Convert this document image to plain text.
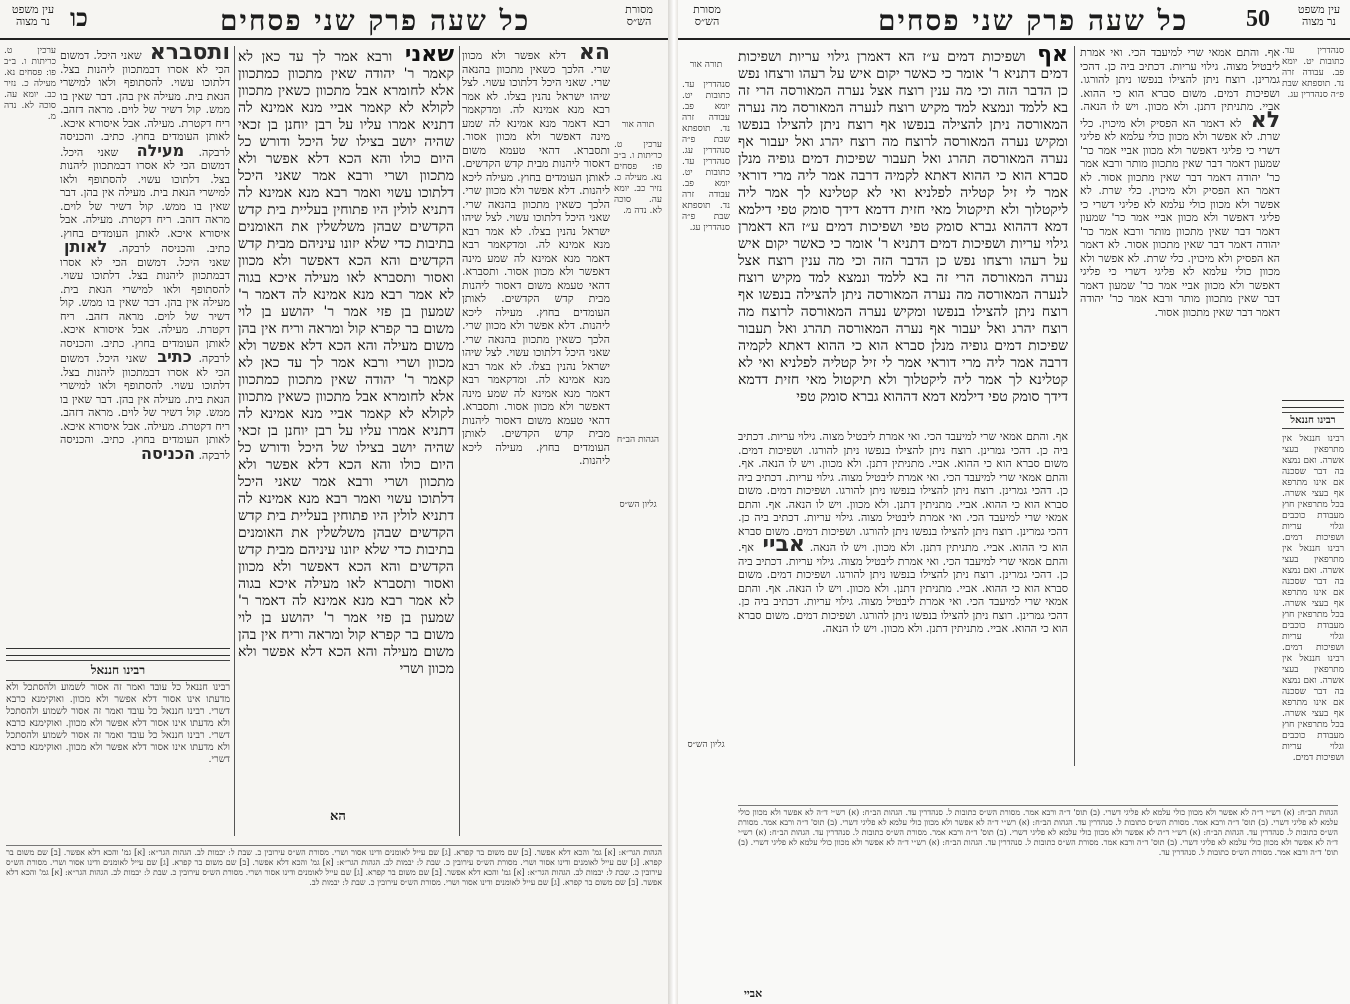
עין משפט
נר מצוה כו	כל שעה פרק שני פסחים	מסורת הש״ס
תורה אור
הגהות הב״ח
גליון הש״ס
ערכין ט. כריתות ו. ב״ב פו: פסחים נא. מעילה כ. נזיר כב. יומא עה. סוכה לא. נדה מ.
הא דלא אפשר ולא מכוון שרי. הלכך כשאין מתכוון בהנאה שרי. שאני היכל דלתוכו עשוי. לצל שיהו ישראל נהנין בצלו. לא אמר רבא מנא אמינא לה. ומדקאמר רבא דאמר מנא אמינא לה שמע מינה דאפשר ולא מכוון אסור. ותסברא. דהאי טעמא משום דאסור ליהנות מבית קדש הקדשים. לאותן העומדים בחוץ. מעילה ליכא ליהנות. דלא אפשר ולא מכוון שרי. הלכך כשאין מתכוון בהנאה שרי. שאני היכל דלתוכו עשוי. לצל שיהו ישראל נהנין בצלו. לא אמר רבא מנא אמינא לה. ומדקאמר רבא דאמר מנא אמינא לה שמע מינה דאפשר ולא מכוון אסור. ותסברא. דהאי טעמא משום דאסור ליהנות מבית קדש הקדשים. לאותן העומדים בחוץ. מעילה ליכא ליהנות. דלא אפשר ולא מכוון שרי. הלכך כשאין מתכוון בהנאה שרי. שאני היכל דלתוכו עשוי. לצל שיהו ישראל נהנין בצלו. לא אמר רבא מנא אמינא לה. ומדקאמר רבא דאמר מנא אמינא לה שמע מינה דאפשר ולא מכוון אסור. ותסברא. דהאי טעמא משום דאסור ליהנות מבית קדש הקדשים. לאותן העומדים בחוץ. מעילה ליכא ליהנות.
שאני ורבא אמר לך עד כאן לא קאמר ר' יהודה שאין מתכוון כמתכוון אלא לחומרא אבל מתכוון כשאין מתכוון לקולא לא קאמר אביי מנא אמינא לה דתניא אמרו עליו על רבן יוחנן בן זכאי שהיה יושב בצילו של היכל ודורש כל היום כולו והא הכא דלא אפשר ולא מתכוון ושרי ורבא אמר שאני היכל דלתוכו עשוי ואמר רבא מנא אמינא לה דתניא לולין היו פתוחין בעליית בית קדש הקדשים שבהן משלשלין את האומנים בתיבות כדי שלא יזונו עיניהם מבית קדש הקדשים והא הכא דאפשר ולא מכוון ואסור ותסברא לאו מעילה איכא בגוה לא אמר רבא מנא אמינא לה דאמר ר' שמעון בן פזי אמר ר' יהושע בן לוי משום בר קפרא קול ומראה וריח אין בהן משום מעילה והא הכא דלא אפשר ולא מכוון ושרי ורבא אמר לך עד כאן לא קאמר ר' יהודה שאין מתכוון כמתכוון אלא לחומרא אבל מתכוון כשאין מתכוון לקולא לא קאמר אביי מנא אמינא לה דתניא אמרו עליו על רבן יוחנן בן זכאי שהיה יושב בצילו של היכל ודורש כל היום כולו והא הכא דלא אפשר ולא מתכוון ושרי ורבא אמר שאני היכל דלתוכו עשוי ואמר רבא מנא אמינא לה דתניא לולין היו פתוחין בעליית בית קדש הקדשים שבהן משלשלין את האומנים בתיבות כדי שלא יזונו עיניהם מבית קדש הקדשים והא הכא דאפשר ולא מכוון ואסור ותסברא לאו מעילה איכא בגוה לא אמר רבא מנא אמינא לה דאמר ר' שמעון בן פזי אמר ר' יהושע בן לוי משום בר קפרא קול ומראה וריח אין בהן משום מעילה והא הכא דלא אפשר ולא מכוון ושרי
הא
ותסברא שאני היכל. דמשום הכי לא אסרו דבמתכוון ליהנות בצל. דלתוכו עשוי. להסתופף ולאו למישרי הנאת בית. מעילה אין בהן. דבר שאין בו ממש. קול דשיר של לוים. מראה דזהב. ריח דקטרת. מעילה. אבל איסורא איכא. לאותן העומדים בחוץ. כתיב. והכניסה לרבקה. מעילה שאני היכל. דמשום הכי לא אסרו דבמתכוון ליהנות בצל. דלתוכו עשוי. להסתופף ולאו למישרי הנאת בית. מעילה אין בהן. דבר שאין בו ממש. קול דשיר של לוים. מראה דזהב. ריח דקטרת. מעילה. אבל איסורא איכא. לאותן העומדים בחוץ. כתיב. והכניסה לרבקה. לאותן שאני היכל. דמשום הכי לא אסרו דבמתכוון ליהנות בצל. דלתוכו עשוי. להסתופף ולאו למישרי הנאת בית. מעילה אין בהן. דבר שאין בו ממש. קול דשיר של לוים. מראה דזהב. ריח דקטרת. מעילה. אבל איסורא איכא. לאותן העומדים בחוץ. כתיב. והכניסה לרבקה. כתיב שאני היכל. דמשום הכי לא אסרו דבמתכוון ליהנות בצל. דלתוכו עשוי. להסתופף ולאו למישרי הנאת בית. מעילה אין בהן. דבר שאין בו ממש. קול דשיר של לוים. מראה דזהב. ריח דקטרת. מעילה. אבל איסורא איכא. לאותן העומדים בחוץ. כתיב. והכניסה לרבקה. הכניסה
ערכין ט. כריתות ו. ב״ב פו: פסחים נא. מעילה כ. נזיר כב. יומא עה. סוכה לא. נדה מ.
רבינו חננאל
רבינו חננאל כל עובד ואמר זה אסור לשמוע ולהסתכל ולא מדעתו אינו אסור דלא אפשר ולא מכוון. ואוקימנא כרבא דשרי. רבינו חננאל כל עובד ואמר זה אסור לשמוע ולהסתכל ולא מדעתו אינו אסור דלא אפשר ולא מכוון. ואוקימנא כרבא דשרי. רבינו חננאל כל עובד ואמר זה אסור לשמוע ולהסתכל ולא מדעתו אינו אסור דלא אפשר ולא מכוון. ואוקימנא כרבא דשרי.
הגהות הגר״א: [א] גמ' והכא דלא אפשר. [ב] שם משום בר קפרא. [ג] שם עייל לאומנים ודינו אסור ושרי. מסורת הש״ס עירובין כ. שבת ל: יבמות לב. הגהות הגר״א: [א] גמ' והכא דלא אפשר. [ב] שם משום בר קפרא. [ג] שם עייל לאומנים ודינו אסור ושרי. מסורת הש״ס עירובין כ. שבת ל: יבמות לב. הגהות הגר״א: [א] גמ' והכא דלא אפשר. [ב] שם משום בר קפרא. [ג] שם עייל לאומנים ודינו אסור ושרי. מסורת הש״ס עירובין כ. שבת ל: יבמות לב. הגהות הגר״א: [א] גמ' והכא דלא אפשר. [ב] שם משום בר קפרא. [ג] שם עייל לאומנים ודינו אסור ושרי. מסורת הש״ס עירובין כ. שבת ל: יבמות לב. הגהות הגר״א: [א] גמ' והכא דלא אפשר. [ב] שם משום בר קפרא. [ג] שם עייל לאומנים ודינו אסור ושרי. מסורת הש״ס עירובין כ. שבת ל: יבמות לב.
מסורת הש״ס	כל שעה פרק שני פסחים 50	עין משפט
נר מצוה
תורה אור
סנהדרין עד. כתובות יט. יומא פב. עבודה זרה נד. תוספתא שבת פ״ה סנהדרין עג. סנהדרין עד. כתובות יט. יומא פב. עבודה זרה נד. תוספתא שבת פ״ה סנהדרין עג.
גליון הש״ס
אף ושפיכות דמים ע״ז הא דאמרן גילוי עריות ושפיכות דמים דתניא ר' אומר כי כאשר יקום איש על רעהו ורצחו נפש כן הדבר הזה וכי מה ענין רוצח אצל נערה המאורסה הרי זה בא ללמד ונמצא למד מקיש רוצח לנערה המאורסה מה נערה המאורסה ניתן להצילה בנפשו אף רוצח ניתן להצילו בנפשו ומקיש נערה המאורסה לרוצח מה רוצח יהרג ואל יעבור אף נערה המאורסה תהרג ואל תעבור שפיכות דמים גופיה מנלן סברא הוא כי ההוא דאתא לקמיה דרבה אמר ליה מרי דוראי אמר לי זיל קטליה לפלניא ואי לא קטלינא לך אמר ליה ליקטלוך ולא תיקטול מאי חזית דדמא דידך סומק טפי דילמא דמא דההוא גברא סומק טפי ושפיכות דמים ע״ז הא דאמרן גילוי עריות ושפיכות דמים דתניא ר' אומר כי כאשר יקום איש על רעהו ורצחו נפש כן הדבר הזה וכי מה ענין רוצח אצל נערה המאורסה הרי זה בא ללמד ונמצא למד מקיש רוצח לנערה המאורסה מה נערה המאורסה ניתן להצילה בנפשו אף רוצח ניתן להצילו בנפשו ומקיש נערה המאורסה לרוצח מה רוצח יהרג ואל יעבור אף נערה המאורסה תהרג ואל תעבור שפיכות דמים גופיה מנלן סברא הוא כי ההוא דאתא לקמיה דרבה אמר ליה מרי דוראי אמר לי זיל קטליה לפלניא ואי לא קטלינא לך אמר ליה ליקטלוך ולא תיקטול מאי חזית דדמא דידך סומק טפי דילמא דמא דההוא גברא סומק טפי
אף. והתם אמאי שרי למיעבד הכי. ואי אמרת ליבטיל מצוה. גילוי עריות. דכתיב ביה כן. דהכי גמרינן. רוצח ניתן להצילו בנפשו ניתן להורגו. ושפיכות דמים. משום סברא הוא כי ההוא. אביי. מתניתין דתנן. ולא מכוון. ויש לו הנאה. אף. והתם אמאי שרי למיעבד הכי. ואי אמרת ליבטיל מצוה. גילוי עריות. דכתיב ביה כן. דהכי גמרינן. רוצח ניתן להצילו בנפשו ניתן להורגו. ושפיכות דמים. משום סברא הוא כי ההוא. אביי. מתניתין דתנן. ולא מכוון. ויש לו הנאה. אף. והתם אמאי שרי למיעבד הכי. ואי אמרת ליבטיל מצוה. גילוי עריות. דכתיב ביה כן. דהכי גמרינן. רוצח ניתן להצילו בנפשו ניתן להורגו. ושפיכות דמים. משום סברא הוא כי ההוא. אביי. מתניתין דתנן. ולא מכוון. ויש לו הנאה. אביי אף. והתם אמאי שרי למיעבד הכי. ואי אמרת ליבטיל מצוה. גילוי עריות. דכתיב ביה כן. דהכי גמרינן. רוצח ניתן להצילו בנפשו ניתן להורגו. ושפיכות דמים. משום סברא הוא כי ההוא. אביי. מתניתין דתנן. ולא מכוון. ויש לו הנאה. אף. והתם אמאי שרי למיעבד הכי. ואי אמרת ליבטיל מצוה. גילוי עריות. דכתיב ביה כן. דהכי גמרינן. רוצח ניתן להצילו בנפשו ניתן להורגו. ושפיכות דמים. משום סברא הוא כי ההוא. אביי. מתניתין דתנן. ולא מכוון. ויש לו הנאה.
אף. והתם אמאי שרי למיעבד הכי. ואי אמרת ליבטיל מצוה. גילוי עריות. דכתיב ביה כן. דהכי גמרינן. רוצח ניתן להצילו בנפשו ניתן להורגו. ושפיכות דמים. משום סברא הוא כי ההוא. אביי. מתניתין דתנן. ולא מכוון. ויש לו הנאה. לא לא דאמר הא הפסיק ולא מיכוין. כלי שרת. לא אפשר ולא מכוון כולי עלמא לא פליגי דשרי כי פליגי דאפשר ולא מכוון אביי אמר כר' שמעון דאמר דבר שאין מתכוון מותר ורבא אמר כר' יהודה דאמר דבר שאין מתכוון אסור. לא דאמר הא הפסיק ולא מיכוין. כלי שרת. לא אפשר ולא מכוון כולי עלמא לא פליגי דשרי כי פליגי דאפשר ולא מכוון אביי אמר כר' שמעון דאמר דבר שאין מתכוון מותר ורבא אמר כר' יהודה דאמר דבר שאין מתכוון אסור. לא דאמר הא הפסיק ולא מיכוין. כלי שרת. לא אפשר ולא מכוון כולי עלמא לא פליגי דשרי כי פליגי דאפשר ולא מכוון אביי אמר כר' שמעון דאמר דבר שאין מתכוון מותר ורבא אמר כר' יהודה דאמר דבר שאין מתכוון אסור.
סנהדרין עד. כתובות יט. יומא פב. עבודה זרה נד. תוספתא שבת פ״ה סנהדרין עג.
רבינו חננאל
רבינו חננאל אין מתרפאין בעצי אשרה. ואם נמצא בה דבר שסכנה אם אינו מתרפא אף בעצי אשרה. בכל מתרפאין חוץ מעבודת כוכבים וגלוי עריות ושפיכות דמים. רבינו חננאל אין מתרפאין בעצי אשרה. ואם נמצא בה דבר שסכנה אם אינו מתרפא אף בעצי אשרה. בכל מתרפאין חוץ מעבודת כוכבים וגלוי עריות ושפיכות דמים. רבינו חננאל אין מתרפאין בעצי אשרה. ואם נמצא בה דבר שסכנה אם אינו מתרפא אף בעצי אשרה. בכל מתרפאין חוץ מעבודת כוכבים וגלוי עריות ושפיכות דמים.
הגהות הב״ח: (א) רש״י ד״ה לא אפשר ולא מכוון כולי עלמא לא פליגי דשרי. (ב) תוס' ד״ה ורבא אמר. מסורת הש״ס כתובות ל. סנהדרין עד. הגהות הב״ח: (א) רש״י ד״ה לא אפשר ולא מכוון כולי עלמא לא פליגי דשרי. (ב) תוס' ד״ה ורבא אמר. מסורת הש״ס כתובות ל. סנהדרין עד. הגהות הב״ח: (א) רש״י ד״ה לא אפשר ולא מכוון כולי עלמא לא פליגי דשרי. (ב) תוס' ד״ה ורבא אמר. מסורת הש״ס כתובות ל. סנהדרין עד. הגהות הב״ח: (א) רש״י ד״ה לא אפשר ולא מכוון כולי עלמא לא פליגי דשרי. (ב) תוס' ד״ה ורבא אמר. מסורת הש״ס כתובות ל. סנהדרין עד. הגהות הב״ח: (א) רש״י ד״ה לא אפשר ולא מכוון כולי עלמא לא פליגי דשרי. (ב) תוס' ד״ה ורבא אמר. מסורת הש״ס כתובות ל. סנהדרין עד. הגהות הב״ח: (א) רש״י ד״ה לא אפשר ולא מכוון כולי עלמא לא פליגי דשרי. (ב) תוס' ד״ה ורבא אמר. מסורת הש״ס כתובות ל. סנהדרין עד.
אביי
